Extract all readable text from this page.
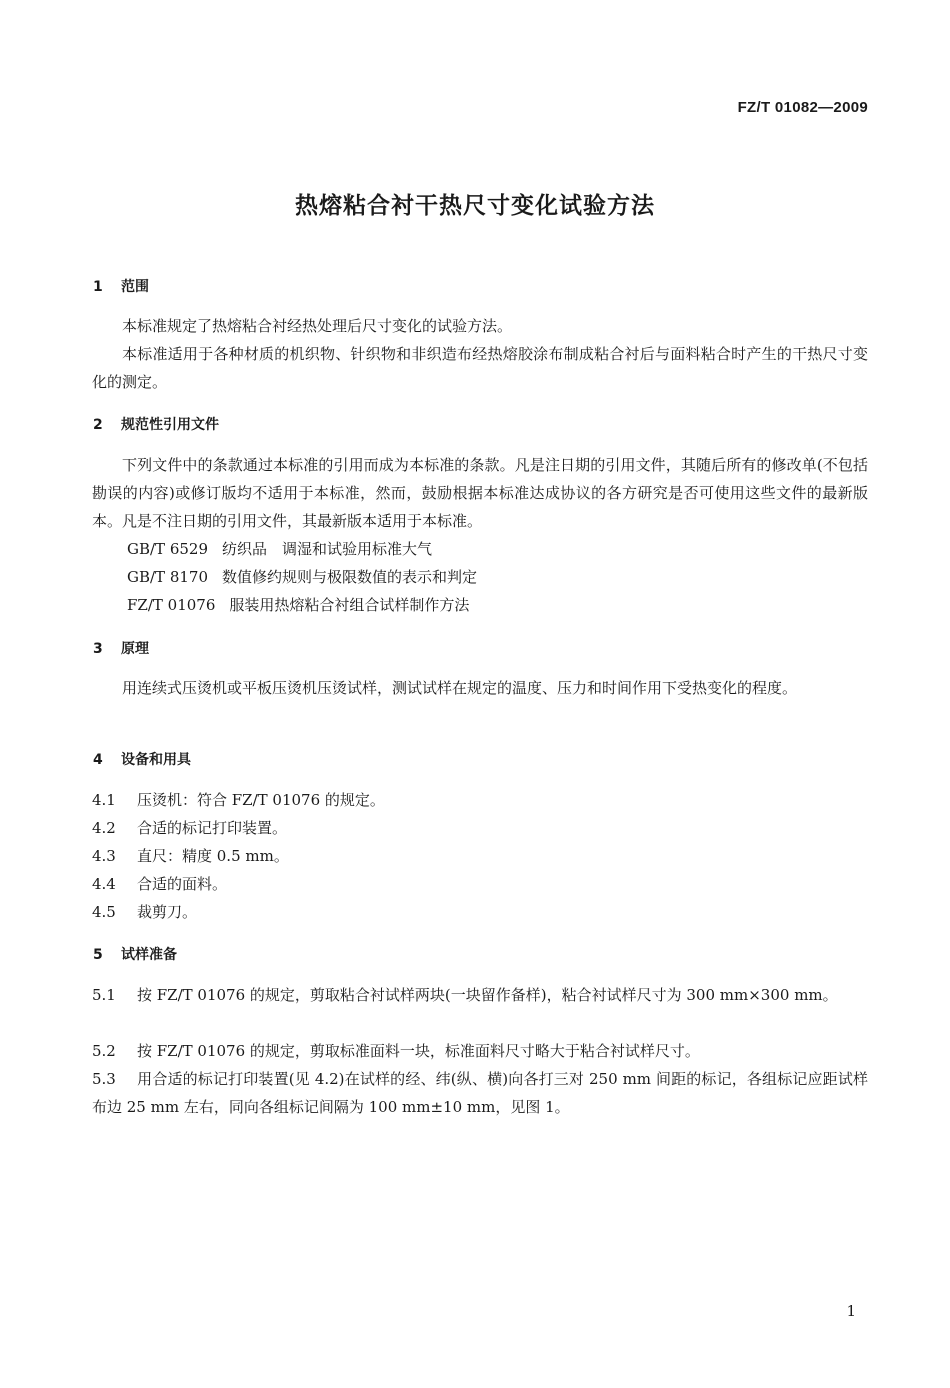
FZ/T 01082—2009
热熔粘合衬干热尺寸变化试验方法
1 范围
本标准规定了热熔粘合衬经热处理后尺寸变化的试验方法。
本标准适用于各种材质的机织物、针织物和非织造布经热熔胶涂布制成粘合衬后与面料粘合时产生的干热尺寸变化的测定。
2 规范性引用文件
下列文件中的条款通过本标准的引用而成为本标准的条款。凡是注日期的引用文件，其随后所有的修改单(不包括勘误的内容)或修订版均不适用于本标准，然而，鼓励根据本标准达成协议的各方研究是否可使用这些文件的最新版本。凡是不注日期的引用文件，其最新版本适用于本标准。
GB/T 6529 纺织品　调湿和试验用标准大气
GB/T 8170 数值修约规则与极限数值的表示和判定
FZ/T 01076 服装用热熔粘合衬组合试样制作方法
3 原理
用连续式压烫机或平板压烫机压烫试样，测试试样在规定的温度、压力和时间作用下受热变化的程度。
4 设备和用具
4.1 压烫机：符合 FZ/T 01076 的规定。
4.2 合适的标记打印装置。
4.3 直尺：精度 0.5 mm。
4.4 合适的面料。
4.5 裁剪刀。
5 试样准备
5.1 按 FZ/T 01076 的规定，剪取粘合衬试样两块(一块留作备样)，粘合衬试样尺寸为 300 mm×300 mm。
5.2 按 FZ/T 01076 的规定，剪取标准面料一块，标准面料尺寸略大于粘合衬试样尺寸。
5.3 用合适的标记打印装置(见 4.2)在试样的经、纬(纵、横)向各打三对 250 mm 间距的标记，各组标记应距试样布边 25 mm 左右，同向各组标记间隔为 100 mm±10 mm，见图 1。
1
